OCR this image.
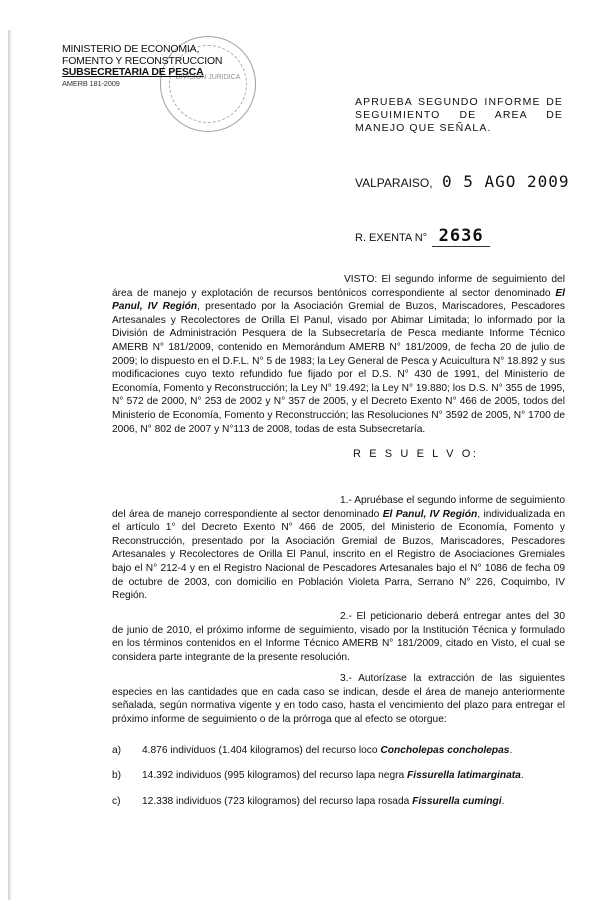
DIVISION JURIDICA
MINISTERIO DE ECONOMIA,
FOMENTO Y RECONSTRUCCION
SUBSECRETARIA DE PESCA
AMERB 181-2009
APRUEBA SEGUNDO INFORME DE SEGUIMIENTO DE AREA DE MANEJO QUE SEÑALA.
VALPARAISO, 0 5 AGO 2009
R. EXENTA N° 2636

VISTO: El segundo informe de seguimiento del área de manejo y explotación de recursos bentónicos correspondiente al sector denominado El Panul, IV Región, presentado por la Asociación Gremial de Buzos, Mariscadores, Pescadores Artesanales y Recolectores de Orilla El Panul, visado por Abimar Limitada; lo informado por la División de Administración Pesquera de la Subsecretaría de Pesca mediante Informe Técnico AMERB N° 181/2009, contenido en Memorándum AMERB N° 181/2009, de fecha 20 de julio de 2009; lo dispuesto en el D.F.L. N° 5 de 1983; la Ley General de Pesca y Acuicultura N° 18.892 y sus modificaciones cuyo texto refundido fue fijado por el D.S. N° 430 de 1991, del Ministerio de Economía, Fomento y Reconstrucción; la Ley N° 19.492; la Ley N° 19.880; los D.S. N° 355 de 1995, N° 572 de 2000, N° 253 de 2002 y N° 357 de 2005, y el Decreto Exento N° 466 de 2005, todos del Ministerio de Economía, Fomento y Reconstrucción; las Resoluciones N° 3592 de 2005, N° 1700 de 2006, N° 802 de 2007 y N°113 de 2008, todas de esta Subsecretaría.

R E S U E L V O:

1.- Apruébase el segundo informe de seguimiento del área de manejo correspondiente al sector denominado El Panul, IV Región, individualizada en el artículo 1° del Decreto Exento N° 466 de 2005, del Ministerio de Economía, Fomento y Reconstrucción, presentado por la Asociación Gremial de Buzos, Mariscadores, Pescadores Artesanales y Recolectores de Orilla El Panul, inscrito en el Registro de Asociaciones Gremiales bajo el N° 212-4 y en el Registro Nacional de Pescadores Artesanales bajo el N° 1086 de fecha 09 de octubre de 2003, con domicilio en Población Violeta Parra, Serrano N° 226, Coquimbo, IV Región.

2.- El peticionario deberá entregar antes del 30 de junio de 2010, el próximo informe de seguimiento, visado por la Institución Técnica y formulado en los términos contenidos en el Informe Técnico AMERB N° 181/2009, citado en Visto, el cual se considera parte integrante de la presente resolución.

3.- Autorízase la extracción de las siguientes especies en las cantidades que en cada caso se indican, desde el área de manejo anteriormente señalada, según normativa vigente y en todo caso, hasta el vencimiento del plazo para entregar el próximo informe de seguimiento o de la prórroga que al efecto se otorgue:

a) 4.876 individuos (1.404 kilogramos) del recurso loco Concholepas concholepas.
b) 14.392 individuos (995 kilogramos) del recurso lapa negra Fissurella latimarginata.
c) 12.338 individuos (723 kilogramos) del recurso lapa rosada Fissurella cumingi.
